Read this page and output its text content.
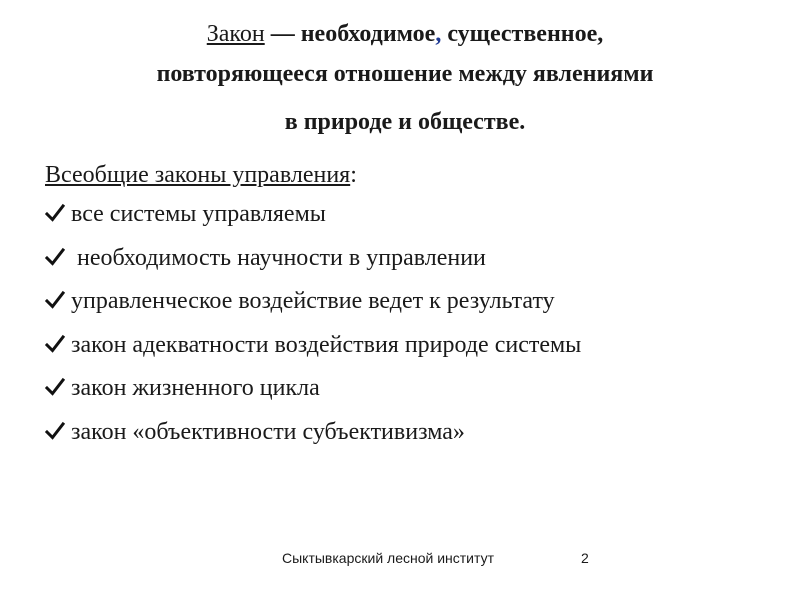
Закон — необходимое, существенное,
повторяющееся отношение между явлениями

в природе и обществе.
Всеобщие законы управления:
все системы управляемы
необходимость научности в управлении
управленческое воздействие ведет к результату
закон адекватности воздействия природе системы
закон жизненного цикла
закон «объективности субъективизма»
Сыктывкарский лесной институт	2
